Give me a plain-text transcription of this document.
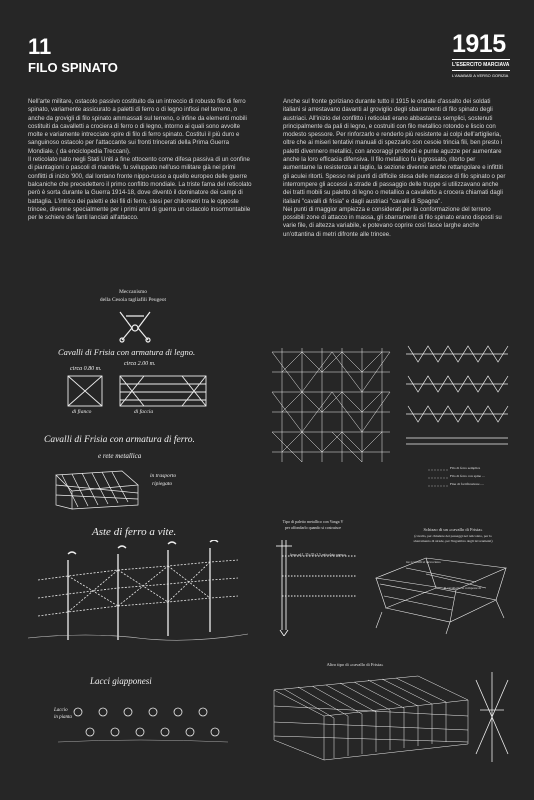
11
FILO SPINATO
1915
L'ESERCITO MARCIAVA
L'ANABASI A VERSO GORIZIA

Nell'arte militare, ostacolo passivo costituito da un intreccio di robusto filo di ferro spinato, variamente assicurato a paletti di ferro o di legno infissi nel terreno, o anche da grovigli di filo spinato ammassati sul terreno, o infine da elementi mobili costituiti da cavalletti a crociera di ferro o di legno, intorno ai quali sono avvolte molte e variamente intrecciate spire di filo di ferro spinato. Costituì il più duro e sanguinoso ostacolo per l'attaccante sui fronti trincerati della Prima Guerra Mondiale. ( da enciclopedia Treccani).

Il reticolato nato negli Stati Uniti a fine ottocento come difesa passiva di un confine di piantagioni o pascoli di mandrie, fu sviluppato nell'uso militare già nei primi conflitti di inizio '900, dal lontano fronte nippo-russo a quello europeo delle guerre balcaniche che precedettero il primo conflitto mondiale. La triste fama del reticolato però è sorta durante la Guerra 1914-18, dove diventò il dominatore dei campi di battaglia. L'intrico dei paletti e dei fili di ferro, stesi per chilometri tra le opposte trincee, divenne specialmente per i primi anni di guerra un ostacolo insormontabile per le schiere dei fanti lanciati all'attacco.

Anche sul fronte goriziano durante tutto il 1915 le ondate d'assalto dei soldati italiani si arrestavano davanti al groviglio degli sbarramenti di filo spinato degli austriaci. All'inizio del conflitto i reticolati erano abbastanza semplici, sostenuti principalmente da pali di legno, e costruiti con filo metallico rotondo e liscio con modesto spessore. Per rinforzarlo e renderlo più resistente ai colpi dell'artiglieria, oltre che ai miseri tentativi manuali di spezzarlo con cesoie trincia fili, ben presto i paletti divennero metallici, con ancoraggi profondi e punte aguzze per aumentare anche la loro efficacia difensiva. Il filo metallico fu ingrossato, ritorto per aumentarne la resistenza al taglio, la sezione divenne anche rettangolare e infittiti gli aculei ritorti. Spesso nei punti di difficile stesa delle matasse di filo spinato o per interrompere gli accessi a strade di passaggio delle truppe si utilizzavano anche dei tratti mobili su paletto di legno o metallico a cavalletto a crocera chiamati dagli italiani "cavalli di frisia" e dagli austriaci "cavalli di Spagna".

Nei punti di maggior ampiezza e considerati per la conformazione del terreno possibili zone di attacco in massa, gli sbarramenti di filo spinato erano disposti su varie file, di altezza variabile, e potevano coprire così fasce larghe anche un'ottantina di metri difronte alle trincee.

Meccanismo
della Cesoia tagliafili Peugeot
Cavalli di Frisia con armatura di legno.
circa 0.80 m.
circa 2.00 m.
di fianco	di faccia
Cavalli di Frisia con armatura di ferro.
e rete metallica
in trasporto
ripiegato
Aste di ferro a vite.
Lacci giapponesi
Laccio
in pianta
Filo di ferro semplice
Filo di ferro con spine ...
Fine di fortificazione ....
Tipo di paletto metallico con Vanga V
per affondarlo quando si costruisce
ferro ad L 35×35×3.5 reticolato spesso
Schizzo di un «cavallo di Frisia»
(cavallo, per chiudere dei passaggi nel reticolato, per lo
sbarramento di strade, per l'ingombro degli lavoramenti)
tre i cavalli si incrociano
Il cavalletto si compone di
Altro tipo di «cavallo di Frisia»
